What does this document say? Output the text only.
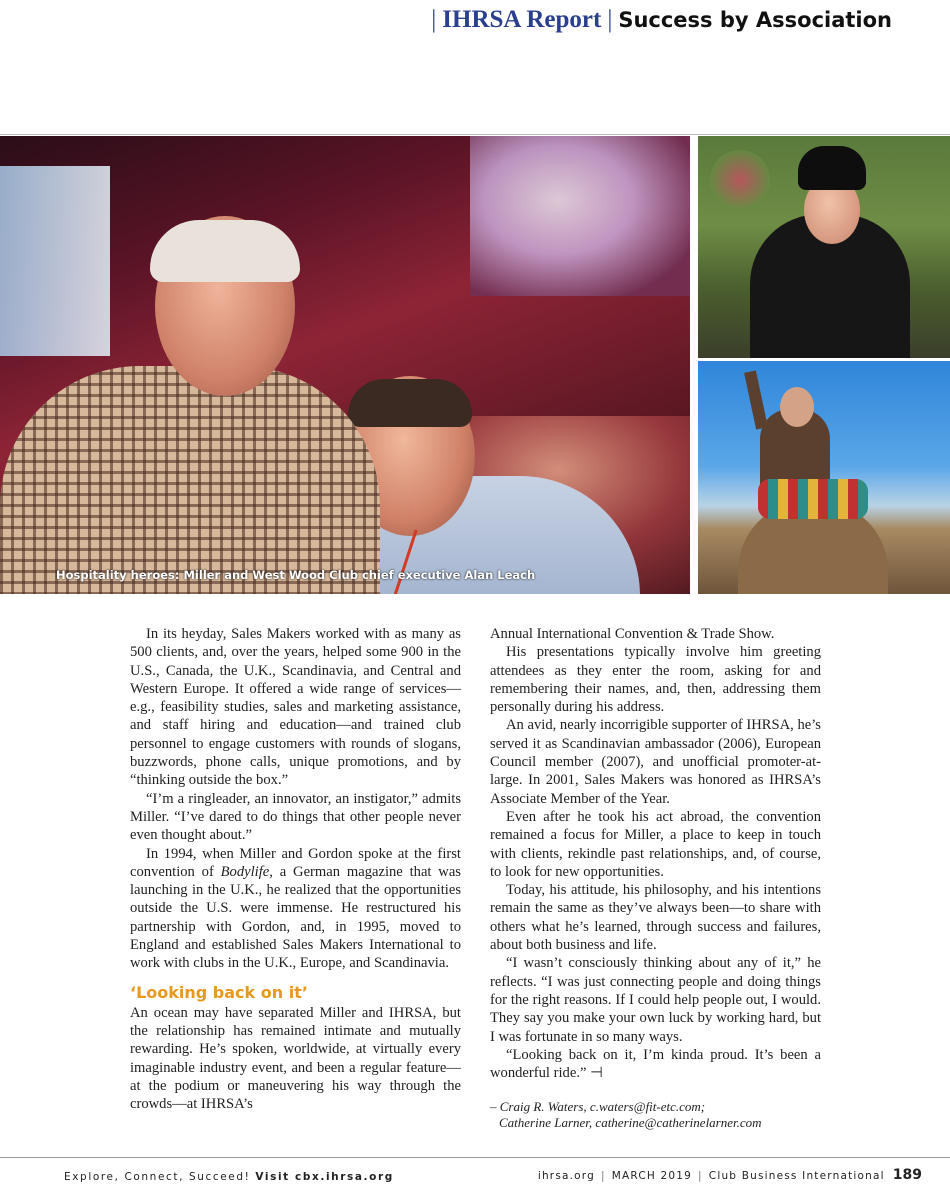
| IHRSA Report | Success by Association
Hospitality heroes: Miller and West Wood Club chief executive Alan Leach

In its heyday, Sales Makers worked with as many as 500 clients, and, over the years, helped some 900 in the U.S., Canada, the U.K., Scandinavia, and Central and Western Europe. It offered a wide range of services—e.g., feasibility studies, sales and marketing assistance, and staff hiring and education—and trained club personnel to engage customers with rounds of slogans, buzzwords, phone calls, unique promotions, and by “thinking outside the box.”

“I’m a ringleader, an innovator, an instigator,” admits Miller. “I’ve dared to do things that other people never even thought about.”

In 1994, when Miller and Gordon spoke at the first convention of Bodylife, a German magazine that was launching in the U.K., he realized that the opportunities outside the U.S. were immense. He restructured his partnership with Gordon, and, in 1995, moved to England and established Sales Makers International to work with clubs in the U.K., Europe, and Scandinavia.

‘Looking back on it’

An ocean may have separated Miller and IHRSA, but the relationship has remained intimate and mutually rewarding. He’s spoken, worldwide, at virtually every imaginable industry event, and been a regular feature—at the podium or maneuvering his way through the crowds—at IHRSA’s

Annual International Convention & Trade Show.

His presentations typically involve him greeting attendees as they enter the room, asking for and remembering their names, and, then, addressing them personally during his address.

An avid, nearly incorrigible supporter of IHRSA, he’s served it as Scandinavian ambassador (2006), European Council member (2007), and unofficial promoter-at-large. In 2001, Sales Makers was honored as IHRSA’s Associate Member of the Year.

Even after he took his act abroad, the convention remained a focus for Miller, a place to keep in touch with clients, rekindle past relationships, and, of course, to look for new opportunities.

Today, his attitude, his philosophy, and his intentions remain the same as they’ve always been—to share with others what he’s learned, through success and failures, about both business and life.

“I wasn’t consciously thinking about any of it,” he reflects. “I was just connecting people and doing things for the right reasons. If I could help people out, I would. They say you make your own luck by working hard, but I was fortunate in so many ways.

“Looking back on it, I’m kinda proud. It’s been a wonderful ride.” ⊣

– Craig R. Waters, c.waters@fit-etc.com;
Catherine Larner, catherine@catherinelarner.com
Explore, Connect, Succeed! Visit cbx.ihrsa.org	ihrsa.org | MARCH 2019 | Club Business International 189
